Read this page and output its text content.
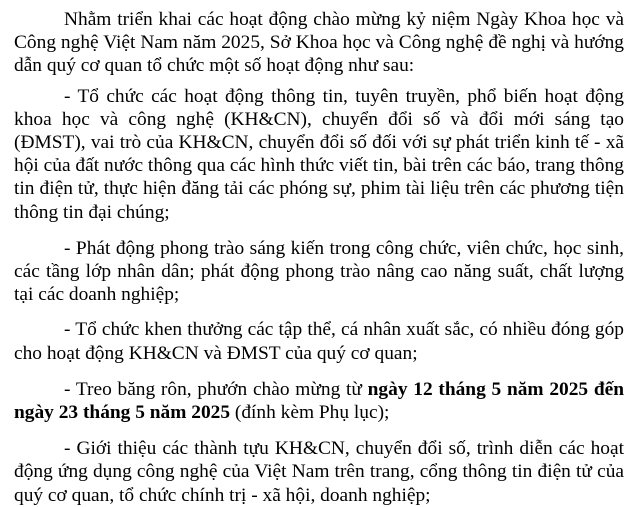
Nhằm triển khai các hoạt động chào mừng kỷ niệm Ngày Khoa học và Công nghệ Việt Nam năm 2025, Sở Khoa học và Công nghệ đề nghị và hướng dẫn quý cơ quan tổ chức một số hoạt động như sau:

- Tổ chức các hoạt động thông tin, tuyên truyền, phổ biến hoạt động khoa học và công nghệ (KH&CN), chuyển đổi số và đổi mới sáng tạo (ĐMST), vai trò của KH&CN, chuyển đổi số đối với sự phát triển kinh tế - xã hội của đất nước thông qua các hình thức viết tin, bài trên các báo, trang thông tin điện tử, thực hiện đăng tải các phóng sự, phim tài liệu trên các phương tiện thông tin đại chúng;

- Phát động phong trào sáng kiến trong công chức, viên chức, học sinh, các tầng lớp nhân dân; phát động phong trào nâng cao năng suất, chất lượng tại các doanh nghiệp;

- Tổ chức khen thưởng các tập thể, cá nhân xuất sắc, có nhiều đóng góp cho hoạt động KH&CN và ĐMST của quý cơ quan;

- Treo băng rôn, phướn chào mừng từ ngày 12 tháng 5 năm 2025 đến ngày 23 tháng 5 năm 2025 (đính kèm Phụ lục);

- Giới thiệu các thành tựu KH&CN, chuyển đổi số, trình diễn các hoạt động ứng dụng công nghệ của Việt Nam trên trang, cổng thông tin điện tử của quý cơ quan, tổ chức chính trị - xã hội, doanh nghiệp;
